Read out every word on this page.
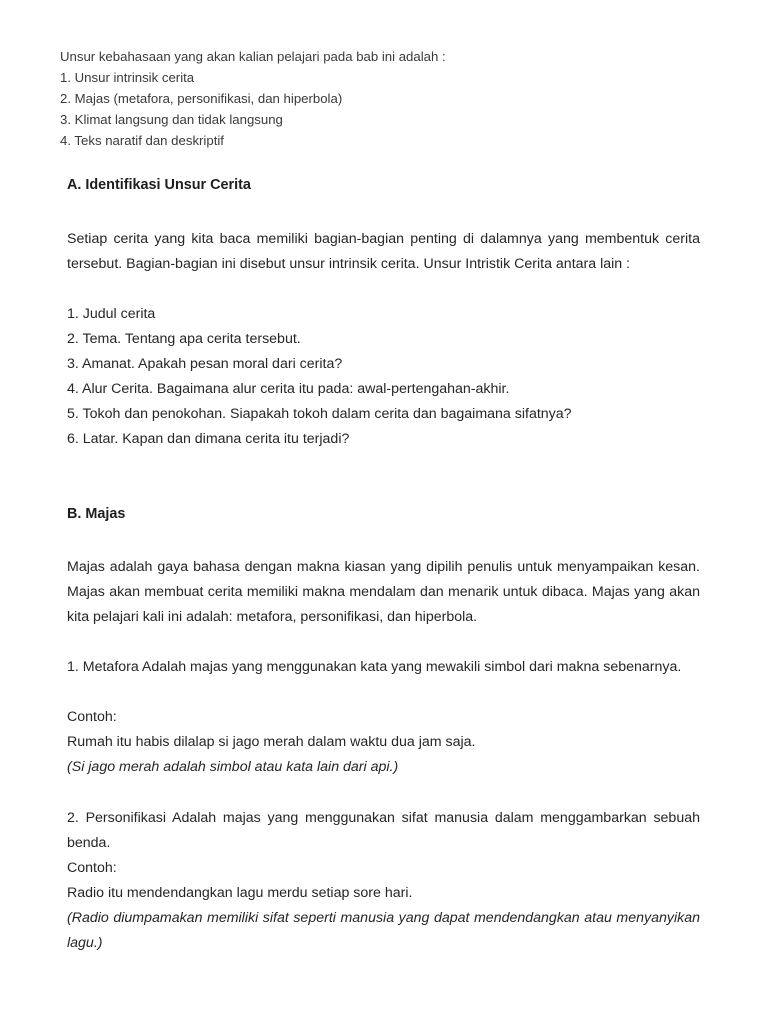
Unsur kebahasaan yang akan kalian pelajari pada bab ini adalah :
1. Unsur intrinsik cerita
2. Majas (metafora, personifikasi, dan hiperbola)
3. Klimat langsung dan tidak langsung
4. Teks naratif dan deskriptif
A. Identifikasi Unsur Cerita
Setiap cerita yang kita baca memiliki bagian-bagian penting di dalamnya yang membentuk cerita tersebut. Bagian-bagian ini disebut unsur intrinsik cerita. Unsur Intristik Cerita antara lain :
1. Judul cerita
2. Tema. Tentang apa cerita tersebut.
3. Amanat. Apakah pesan moral dari cerita?
4. Alur Cerita. Bagaimana alur cerita itu pada: awal-pertengahan-akhir.
5. Tokoh dan penokohan. Siapakah tokoh dalam cerita dan bagaimana sifatnya?
6. Latar. Kapan dan dimana cerita itu terjadi?
B. Majas
Majas adalah gaya bahasa dengan makna kiasan yang dipilih penulis untuk menyampaikan kesan. Majas akan membuat cerita memiliki makna mendalam dan menarik untuk dibaca. Majas yang akan kita pelajari kali ini adalah: metafora, personifikasi, dan hiperbola.
1. Metafora Adalah majas yang menggunakan kata yang mewakili simbol dari makna sebenarnya.
Contoh:
Rumah itu habis dilalap si jago merah dalam waktu dua jam saja.
(Si jago merah adalah simbol atau kata lain dari api.)
2. Personifikasi Adalah majas yang menggunakan sifat manusia dalam menggambarkan sebuah benda.
Contoh:
Radio itu mendendangkan lagu merdu setiap sore hari.
(Radio diumpamakan memiliki sifat seperti manusia yang dapat mendendangkan atau menyanyikan lagu.)
